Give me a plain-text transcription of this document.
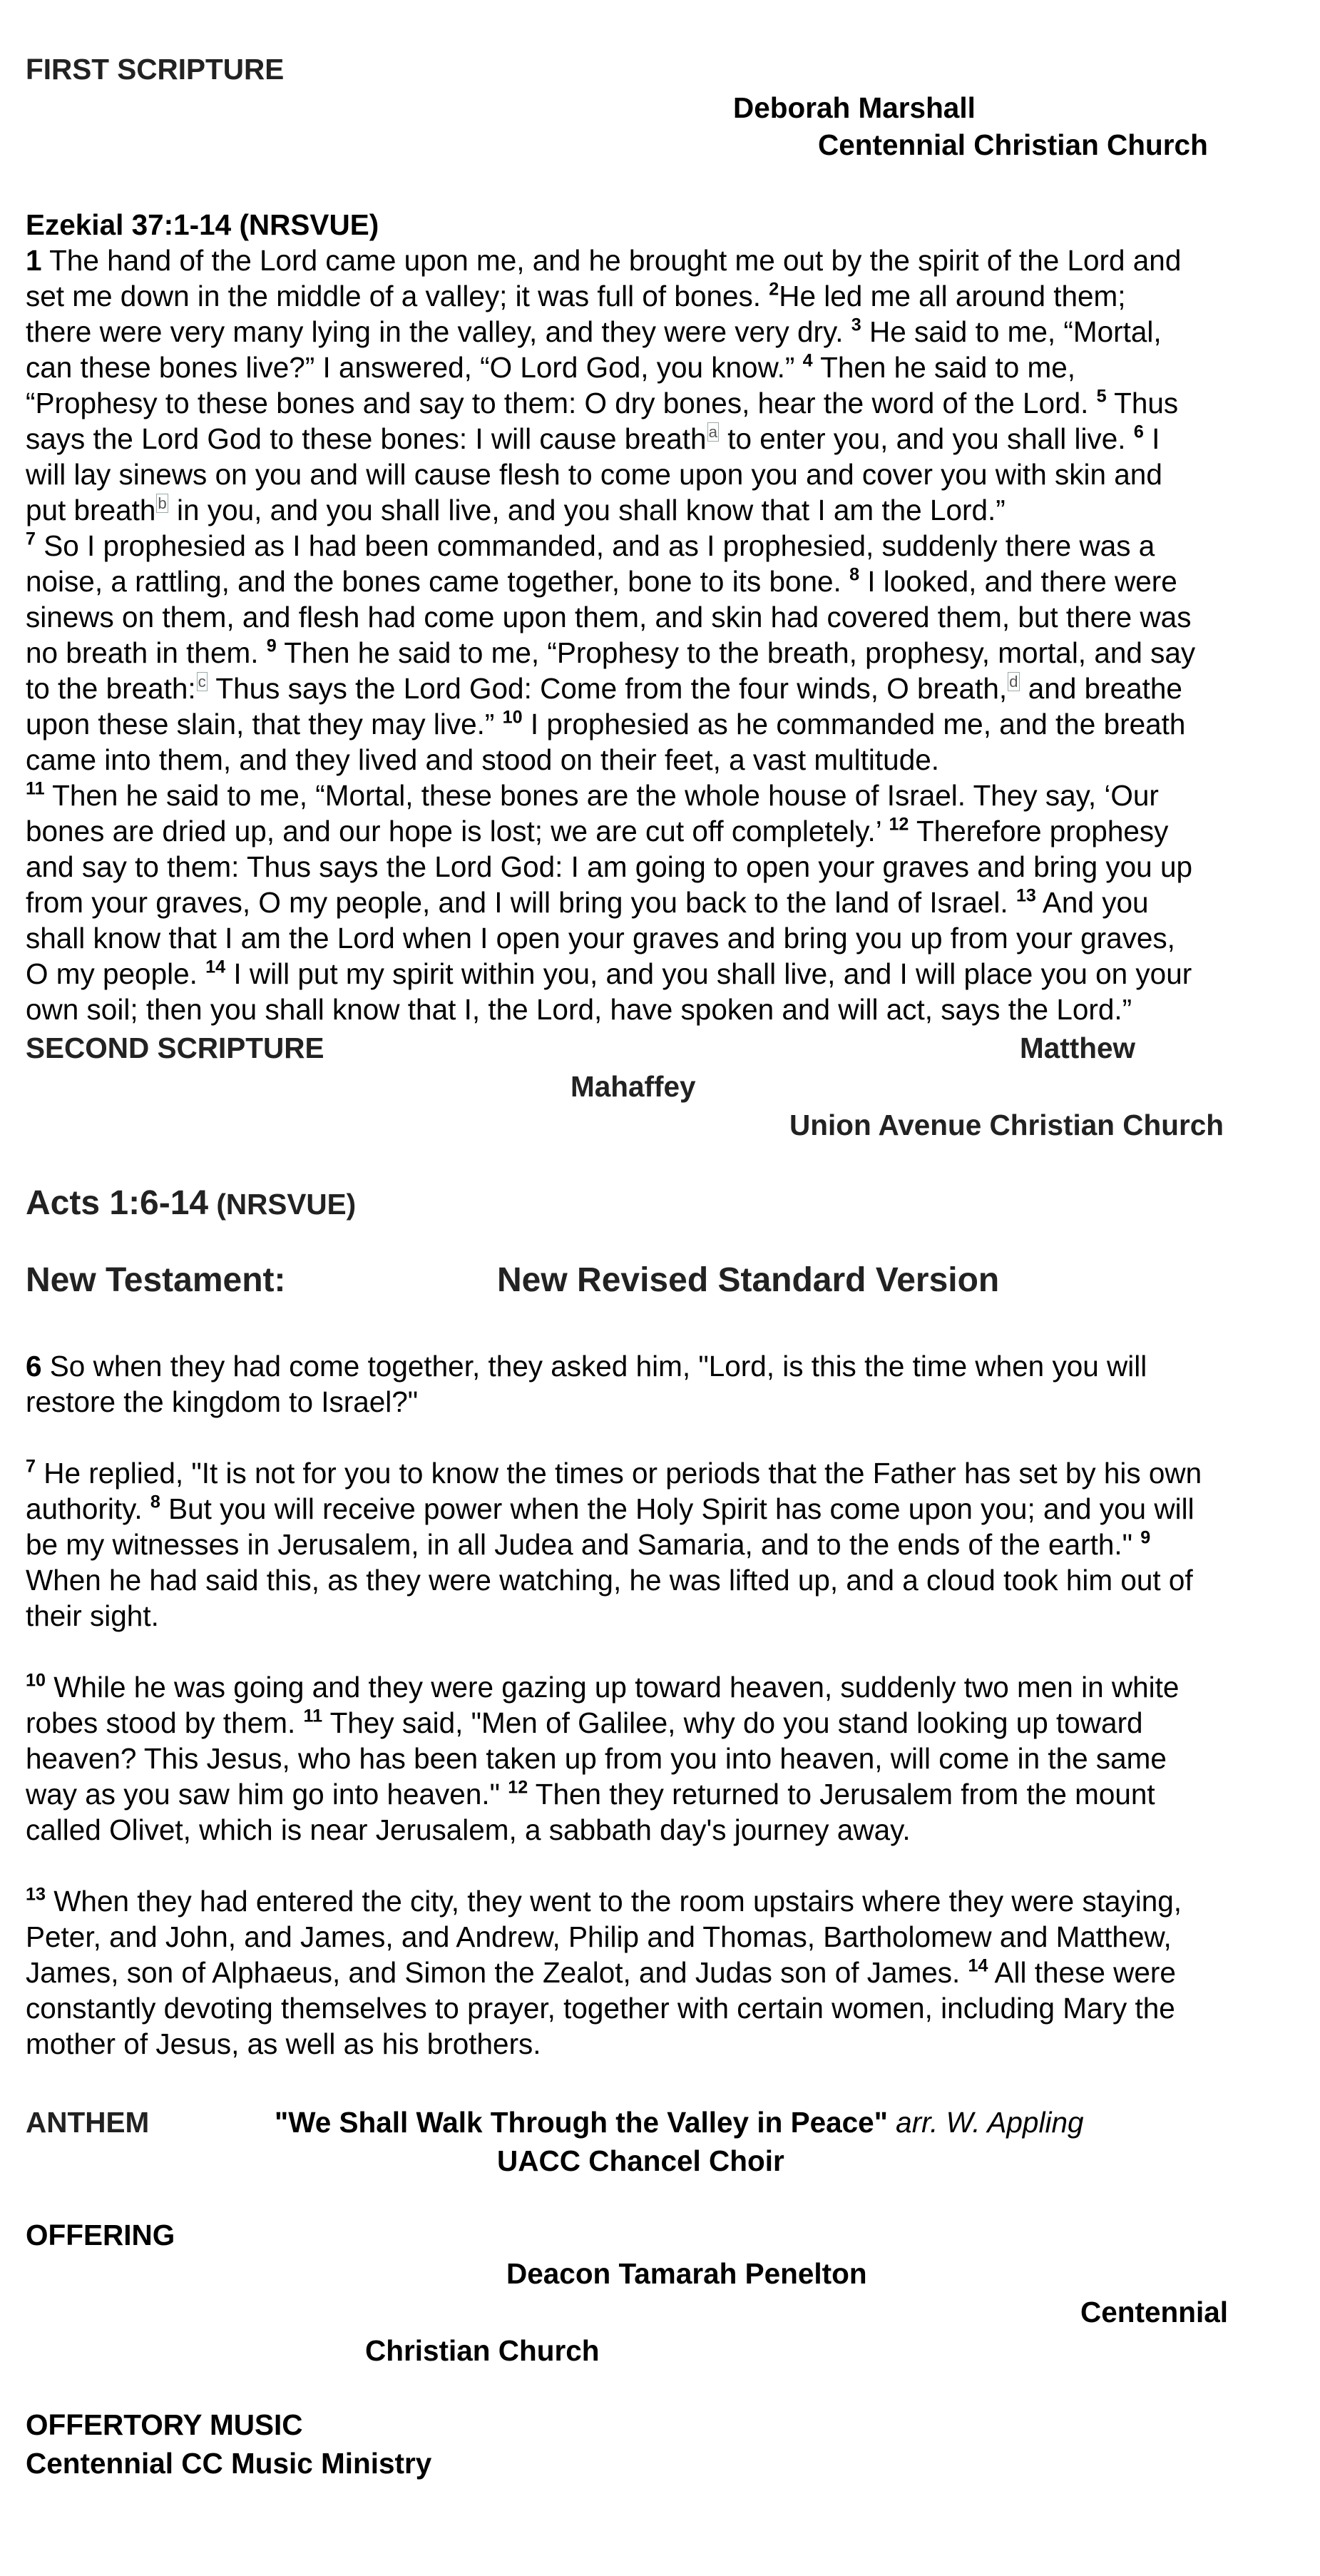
FIRST SCRIPTURE
Deborah Marshall
Centennial Christian Church
Ezekial 37:1-14 (NRSVUE)
1 The hand of the Lord came upon me, and he brought me out by the spirit of the Lord and
set me down in the middle of a valley; it was full of bones. $^2$He led me all around them;
there were very many lying in the valley, and they were very dry. $^3$ He said to me, “Mortal,
can these bones live?” I answered, “O Lord God, you know.” $^4$ Then he said to me,
“Prophesy to these bones and say to them: O dry bones, hear the word of the Lord. $^5$ Thus
says the Lord God to these bones: I will cause breath $^a$ to enter you, and you shall live. $^6$ I
will lay sinews on you and will cause flesh to come upon you and cover you with skin and
put breath $^b$ in you, and you shall live, and you shall know that I am the Lord.”
$^7$ So I prophesied as I had been commanded, and as I prophesied, suddenly there was a
noise, a rattling, and the bones came together, bone to its bone. $^8$ I looked, and there were
sinews on them, and flesh had come upon them, and skin had covered them, but there was
no breath in them. $^9$ Then he said to me, “Prophesy to the breath, prophesy, mortal, and say
to the breath: $^c$ Thus says the Lord God: Come from the four winds, O breath, $^d$ and breathe
upon these slain, that they may live.” $^{10}$ I prophesied as he commanded me, and the breath
came into them, and they lived and stood on their feet, a vast multitude.
$^{11}$ Then he said to me, “Mortal, these bones are the whole house of Israel. They say, ‘Our
bones are dried up, and our hope is lost; we are cut off completely.’ $^{12}$ Therefore prophesy
and say to them: Thus says the Lord God: I am going to open your graves and bring you up
from your graves, O my people, and I will bring you back to the land of Israel. $^{13}$ And you
shall know that I am the Lord when I open your graves and bring you up from your graves,
O my people. $^{14}$ I will put my spirit within you, and you shall live, and I will place you on your
own soil; then you shall know that I, the Lord, have spoken and will act, says the Lord.”
SECOND SCRIPTURE	Matthew
Mahaffey
Union Avenue Christian Church
Acts 1:6-14 (NRSVUE)
New Testament:	New Revised Standard Version
6 So when they had come together, they asked him, "Lord, is this the time when you will
restore the kingdom to Israel?"
$^7$ He replied, "It is not for you to know the times or periods that the Father has set by his own
authority. $^8$ But you will receive power when the Holy Spirit has come upon you; and you will
be my witnesses in Jerusalem, in all Judea and Samaria, and to the ends of the earth." $^9$
When he had said this, as they were watching, he was lifted up, and a cloud took him out of
their sight.
$^{10}$ While he was going and they were gazing up toward heaven, suddenly two men in white
robes stood by them. $^{11}$ They said, "Men of Galilee, why do you stand looking up toward
heaven? This Jesus, who has been taken up from you into heaven, will come in the same
way as you saw him go into heaven." $^{12}$ Then they returned to Jerusalem from the mount
called Olivet, which is near Jerusalem, a sabbath day's journey away.
$^{13}$ When they had entered the city, they went to the room upstairs where they were staying,
Peter, and John, and James, and Andrew, Philip and Thomas, Bartholomew and Matthew,
James, son of Alphaeus, and Simon the Zealot, and Judas son of James. $^{14}$ All these were
constantly devoting themselves to prayer, together with certain women, including Mary the
mother of Jesus, as well as his brothers.
ANTHEM	"We Shall Walk Through the Valley in Peace" arr. W. Appling
UACC Chancel Choir
OFFERING
Deacon Tamarah Penelton
Centennial
Christian Church
OFFERTORY MUSIC
Centennial CC Music Ministry
